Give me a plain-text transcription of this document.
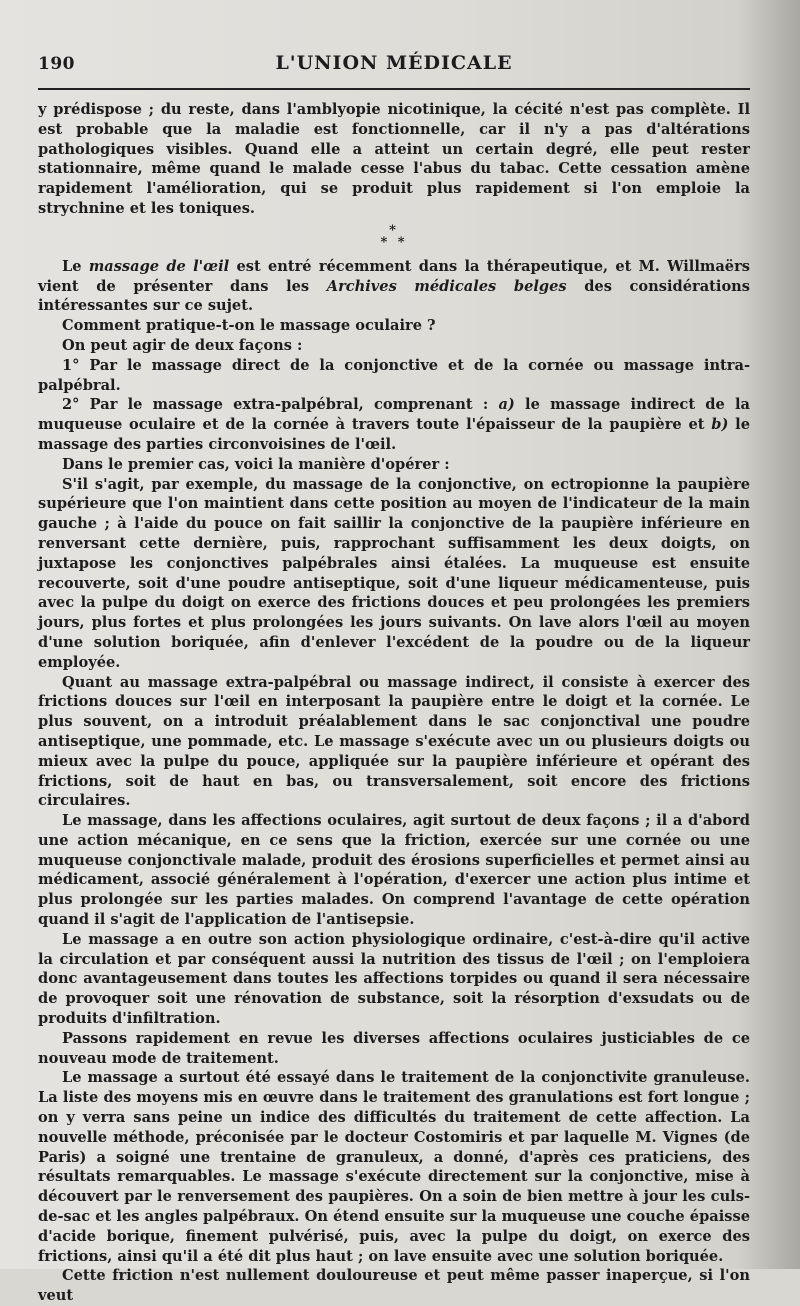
190	L'UNION MÉDICALE

y prédispose ; du reste, dans l'amblyopie nicotinique, la cécité n'est pas complète. Il est probable que la maladie est fonctionnelle, car il n'y a pas d'altérations pathologiques visibles. Quand elle a atteint un certain degré, elle peut rester stationnaire, même quand le malade cesse l'abus du tabac. Cette cessation amène rapidement l'amélioration, qui se produit plus rapidement si l'on emploie la strychnine et les toniques.

*
* *

Le massage de l'œil est entré récemment dans la thérapeutique, et M. Willmaërs vient de présenter dans les Archives médicales belges des considérations intéressantes sur ce sujet.

Comment pratique-t-on le massage oculaire ?

On peut agir de deux façons :

1° Par le massage direct de la conjonctive et de la cornée ou massage intra-palpébral.

2° Par le massage extra-palpébral, comprenant : a) le massage indirect de la muqueuse oculaire et de la cornée à travers toute l'épaisseur de la paupière et b) le massage des parties circonvoisines de l'œil.

Dans le premier cas, voici la manière d'opérer :

S'il s'agit, par exemple, du massage de la conjonctive, on ectropionne la paupière supérieure que l'on maintient dans cette position au moyen de l'indicateur de la main gauche ; à l'aide du pouce on fait saillir la conjonctive de la paupière inférieure en renversant cette dernière, puis, rapprochant suffisamment les deux doigts, on juxtapose les conjonctives palpébrales ainsi étalées. La muqueuse est ensuite recouverte, soit d'une poudre antiseptique, soit d'une liqueur médicamenteuse, puis avec la pulpe du doigt on exerce des frictions douces et peu prolongées les premiers jours, plus fortes et plus prolongées les jours suivants. On lave alors l'œil au moyen d'une solution boriquée, afin d'enlever l'excédent de la poudre ou de la liqueur employée.

Quant au massage extra-palpébral ou massage indirect, il consiste à exercer des frictions douces sur l'œil en interposant la paupière entre le doigt et la cornée. Le plus souvent, on a introduit préalablement dans le sac conjonctival une poudre antiseptique, une pommade, etc. Le massage s'exécute avec un ou plusieurs doigts ou mieux avec la pulpe du pouce, appliquée sur la paupière inférieure et opérant des frictions, soit de haut en bas, ou transversalement, soit encore des frictions circulaires.

Le massage, dans les affections oculaires, agit surtout de deux façons ; il a d'abord une action mécanique, en ce sens que la friction, exercée sur une cornée ou une muqueuse conjonctivale malade, produit des érosions superficielles et permet ainsi au médicament, associé généralement à l'opération, d'exercer une action plus intime et plus prolongée sur les parties malades. On comprend l'avantage de cette opération quand il s'agit de l'application de l'antisepsie.

Le massage a en outre son action physiologique ordinaire, c'est-à-dire qu'il active la circulation et par conséquent aussi la nutrition des tissus de l'œil ; on l'emploiera donc avantageusement dans toutes les affections torpides ou quand il sera nécessaire de provoquer soit une rénovation de substance, soit la résorption d'exsudats ou de produits d'infiltration.

Passons rapidement en revue les diverses affections oculaires justiciables de ce nouveau mode de traitement.

Le massage a surtout été essayé dans le traitement de la conjonctivite granuleuse. La liste des moyens mis en œuvre dans le traitement des granulations est fort longue ; on y verra sans peine un indice des difficultés du traitement de cette affection. La nouvelle méthode, préconisée par le docteur Costomiris et par laquelle M. Vignes (de Paris) a soigné une trentaine de granuleux, a donné, d'après ces praticiens, des résultats remarquables. Le massage s'exécute directement sur la conjonctive, mise à découvert par le renversement des paupières. On a soin de bien mettre à jour les culs-de-sac et les angles palpébraux. On étend ensuite sur la muqueuse une couche épaisse d'acide borique, finement pulvérisé, puis, avec la pulpe du doigt, on exerce des frictions, ainsi qu'il a été dit plus haut ; on lave ensuite avec une solution boriquée.

Cette friction n'est nullement douloureuse et peut même passer inaperçue, si l'on veut
